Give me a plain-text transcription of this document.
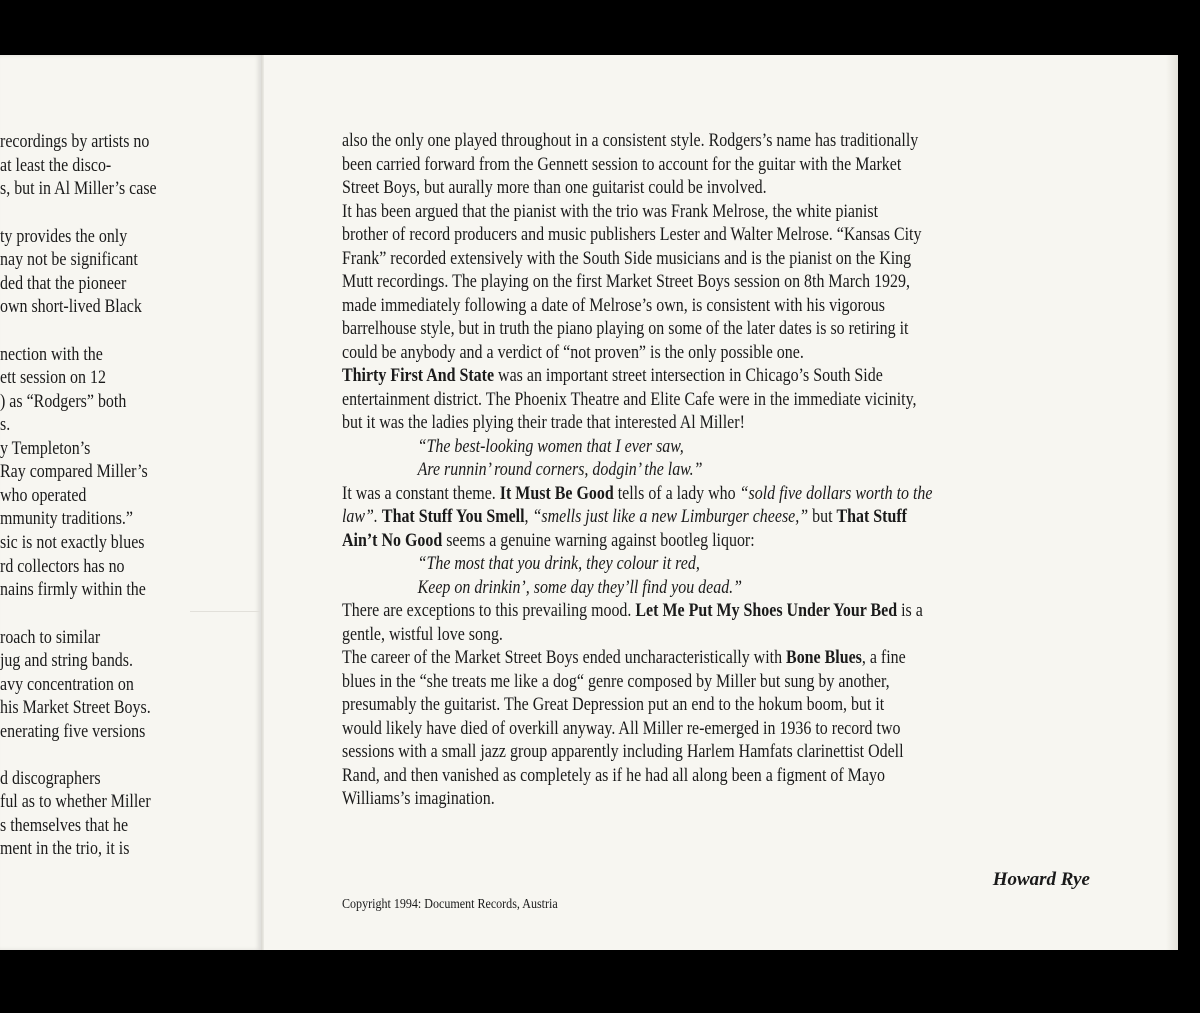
recordings by artists no
at least the disco-
s, but in Al Miller’s case
ty provides the only
nay not be significant
ded that the pioneer
own short-lived Black
nection with the
ett session on 12
) as “Rodgers” both
s.
y Templeton’s
Ray compared Miller’s
who operated
mmunity traditions.”
sic is not exactly blues
rd collectors has no
nains firmly within the
roach to similar
jug and string bands.
avy concentration on
his Market Street Boys.
enerating five versions
d discographers
ful as to whether Miller
s themselves that he
ment in the trio, it is
also the only one played throughout in a consistent style. Rodgers’s name has traditionally
been carried forward from the Gennett session to account for the guitar with the Market
Street Boys, but aurally more than one guitarist could be involved.
It has been argued that the pianist with the trio was Frank Melrose, the white pianist
brother of record producers and music publishers Lester and Walter Melrose. “Kansas City
Frank” recorded extensively with the South Side musicians and is the pianist on the King
Mutt recordings. The playing on the first Market Street Boys session on 8th March 1929,
made immediately following a date of Melrose’s own, is consistent with his vigorous
barrelhouse style, but in truth the piano playing on some of the later dates is so retiring it
could be anybody and a verdict of “not proven” is the only possible one.
Thirty First And State was an important street intersection in Chicago’s South Side
entertainment district. The Phoenix Theatre and Elite Cafe were in the immediate vicinity,
but it was the ladies plying their trade that interested Al Miller!
“The best-looking women that I ever saw,
Are runnin’ round corners, dodgin’ the law.”
It was a constant theme. It Must Be Good tells of a lady who “sold five dollars worth to the
law”. That Stuff You Smell, “smells just like a new Limburger cheese,” but That Stuff
Ain’t No Good seems a genuine warning against bootleg liquor:
“The most that you drink, they colour it red,
Keep on drinkin’, some day they’ll find you dead.”
There are exceptions to this prevailing mood. Let Me Put My Shoes Under Your Bed is a
gentle, wistful love song.
The career of the Market Street Boys ended uncharacteristically with Bone Blues, a fine
blues in the “she treats me like a dog“ genre composed by Miller but sung by another,
presumably the guitarist. The Great Depression put an end to the hokum boom, but it
would likely have died of overkill anyway. All Miller re-emerged in 1936 to record two
sessions with a small jazz group apparently including Harlem Hamfats clarinettist Odell
Rand, and then vanished as completely as if he had all along been a figment of Mayo
Williams’s imagination.
Howard Rye
Copyright 1994: Document Records, Austria
